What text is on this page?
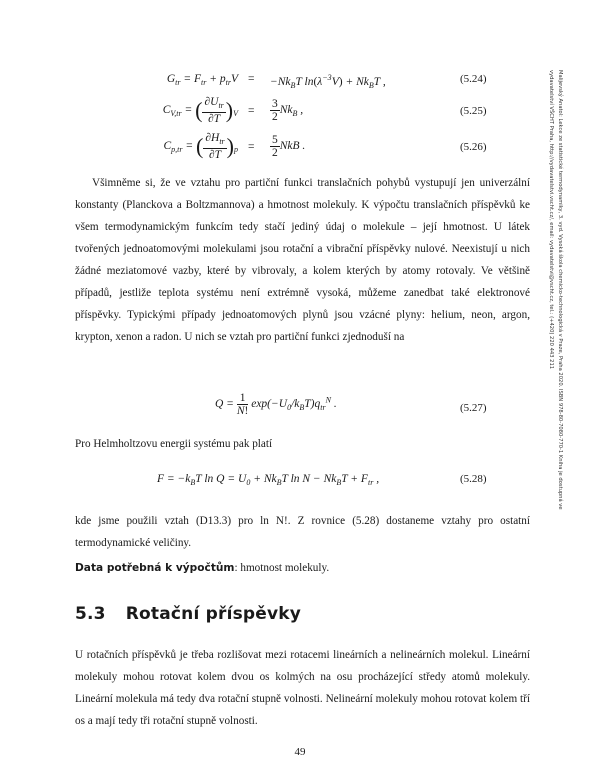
$G_{tr} = F_{tr} + p_{tr}V = -Nk_BT$ $\ln(\lambda^{-3}V) + Nk_BT$ ,	(5.24)
$C_{V,tr}$ = ( $\frac{\partial U_{tr}}{\partial T} )_V = \frac{3}{2} Nk_B$ ,	(5.25)
$C_{p,tr}$ = ( $\frac{\partial H_{tr}}{\partial T} )_p = \frac{5}{2}$ NkB .	(5.26)
Všimněme si, že ve vztahu pro partiční funkci translačních pohybů vystupují jen univerzální konstanty (Planckova a Boltzmannova) a hmotnost molekuly. K výpočtu translačních příspěvků ke všem termodynamickým funkcím tedy stačí jediný údaj o molekule – její hmotnost. U látek tvořených jednoatomovými molekulami jsou rotační a vibrační příspěvky nulové. Neexistují u nich žádné meziatomové vazby, které by vibrovaly, a kolem kterých by atomy rotovaly. Ve většině případů, jestliže teplota systému není extrémně vysoká, můžeme zanedbat také elektronové příspěvky. Typickými případy jednoatomových plynů jsou vzácné plyny: helium, neon, argon, krypton, xenon a radon. U nich se vztah pro partiční funkci zjednoduší na
$Q = \frac{1}{N!} \exp(-U_0/k_BT)q_{tr}^N$ .	(5.27)
Pro Helmholtzovu energii systému pak platí
$F = -k_BT$ $\ln Q = U_0 + Nk_BT$ $\ln N - Nk_BT + F_{tr}$ ,	(5.28)
kde jsme použili vztah (D13.3) pro ln N!. Z rovnice (5.28) dostaneme vztahy pro ostatní termodynamické veličiny.
Data potřebná k výpočtům: hmotnost molekuly.
5.3 Rotační příspěvky
U rotačních příspěvků je třeba rozlišovat mezi rotacemi lineárních a nelineárních molekul. Lineární molekuly mohou rotovat kolem dvou os kolmých na osu procházející středy atomů molekuly. Lineární molekula má tedy dva rotační stupně volnosti. Nelineární molekuly mohou rotovat kolem tří os a mají tedy tři rotační stupně volnosti.
49
Malijevský Anatol: Lekce ze statistické termodynamiky, 3. vyd. Vysoká škola chemicko-technologická v Praze, Praha 2020. ISBN 978-80-7080-770-1 Kniha je dostupná ve vydavatelství VŠCHT Praha, http://vydavatelstvi.vscht.cz/, email: vydavatelstvi@vscht.cz, tel.: (+420) 220 443 211
